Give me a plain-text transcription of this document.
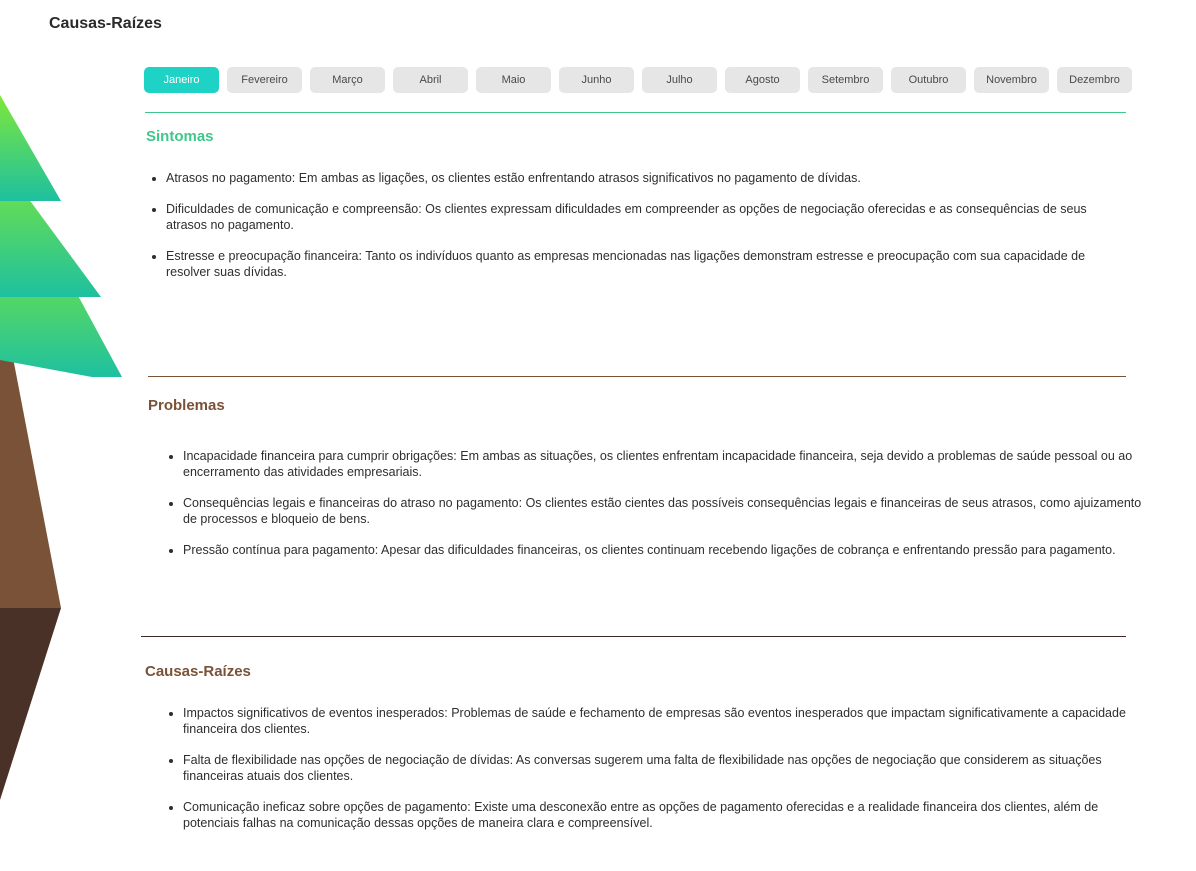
Causas-Raízes
Janeiro	Fevereiro	Março	Abril	Maio	Junho	Julho	Agosto	Setembro	Outubro	Novembro	Dezembro
Sintomas
• Atrasos no pagamento: Em ambas as ligações, os clientes estão enfrentando atrasos significativos no pagamento de dívidas.
• Dificuldades de comunicação e compreensão: Os clientes expressam dificuldades em compreender as opções de negociação oferecidas e as consequências de seus atrasos no pagamento.
• Estresse e preocupação financeira: Tanto os indivíduos quanto as empresas mencionadas nas ligações demonstram estresse e preocupação com sua capacidade de resolver suas dívidas.
Problemas
• Incapacidade financeira para cumprir obrigações: Em ambas as situações, os clientes enfrentam incapacidade financeira, seja devido a problemas de saúde pessoal ou ao encerramento das atividades empresariais.
• Consequências legais e financeiras do atraso no pagamento: Os clientes estão cientes das possíveis consequências legais e financeiras de seus atrasos, como ajuizamento de processos e bloqueio de bens.
• Pressão contínua para pagamento: Apesar das dificuldades financeiras, os clientes continuam recebendo ligações de cobrança e enfrentando pressão para pagamento.
Causas-Raízes
• Impactos significativos de eventos inesperados: Problemas de saúde e fechamento de empresas são eventos inesperados que impactam significativamente a capacidade financeira dos clientes.
• Falta de flexibilidade nas opções de negociação de dívidas: As conversas sugerem uma falta de flexibilidade nas opções de negociação que considerem as situações financeiras atuais dos clientes.
• Comunicação ineficaz sobre opções de pagamento: Existe uma desconexão entre as opções de pagamento oferecidas e a realidade financeira dos clientes, além de potenciais falhas na comunicação dessas opções de maneira clara e compreensível.
